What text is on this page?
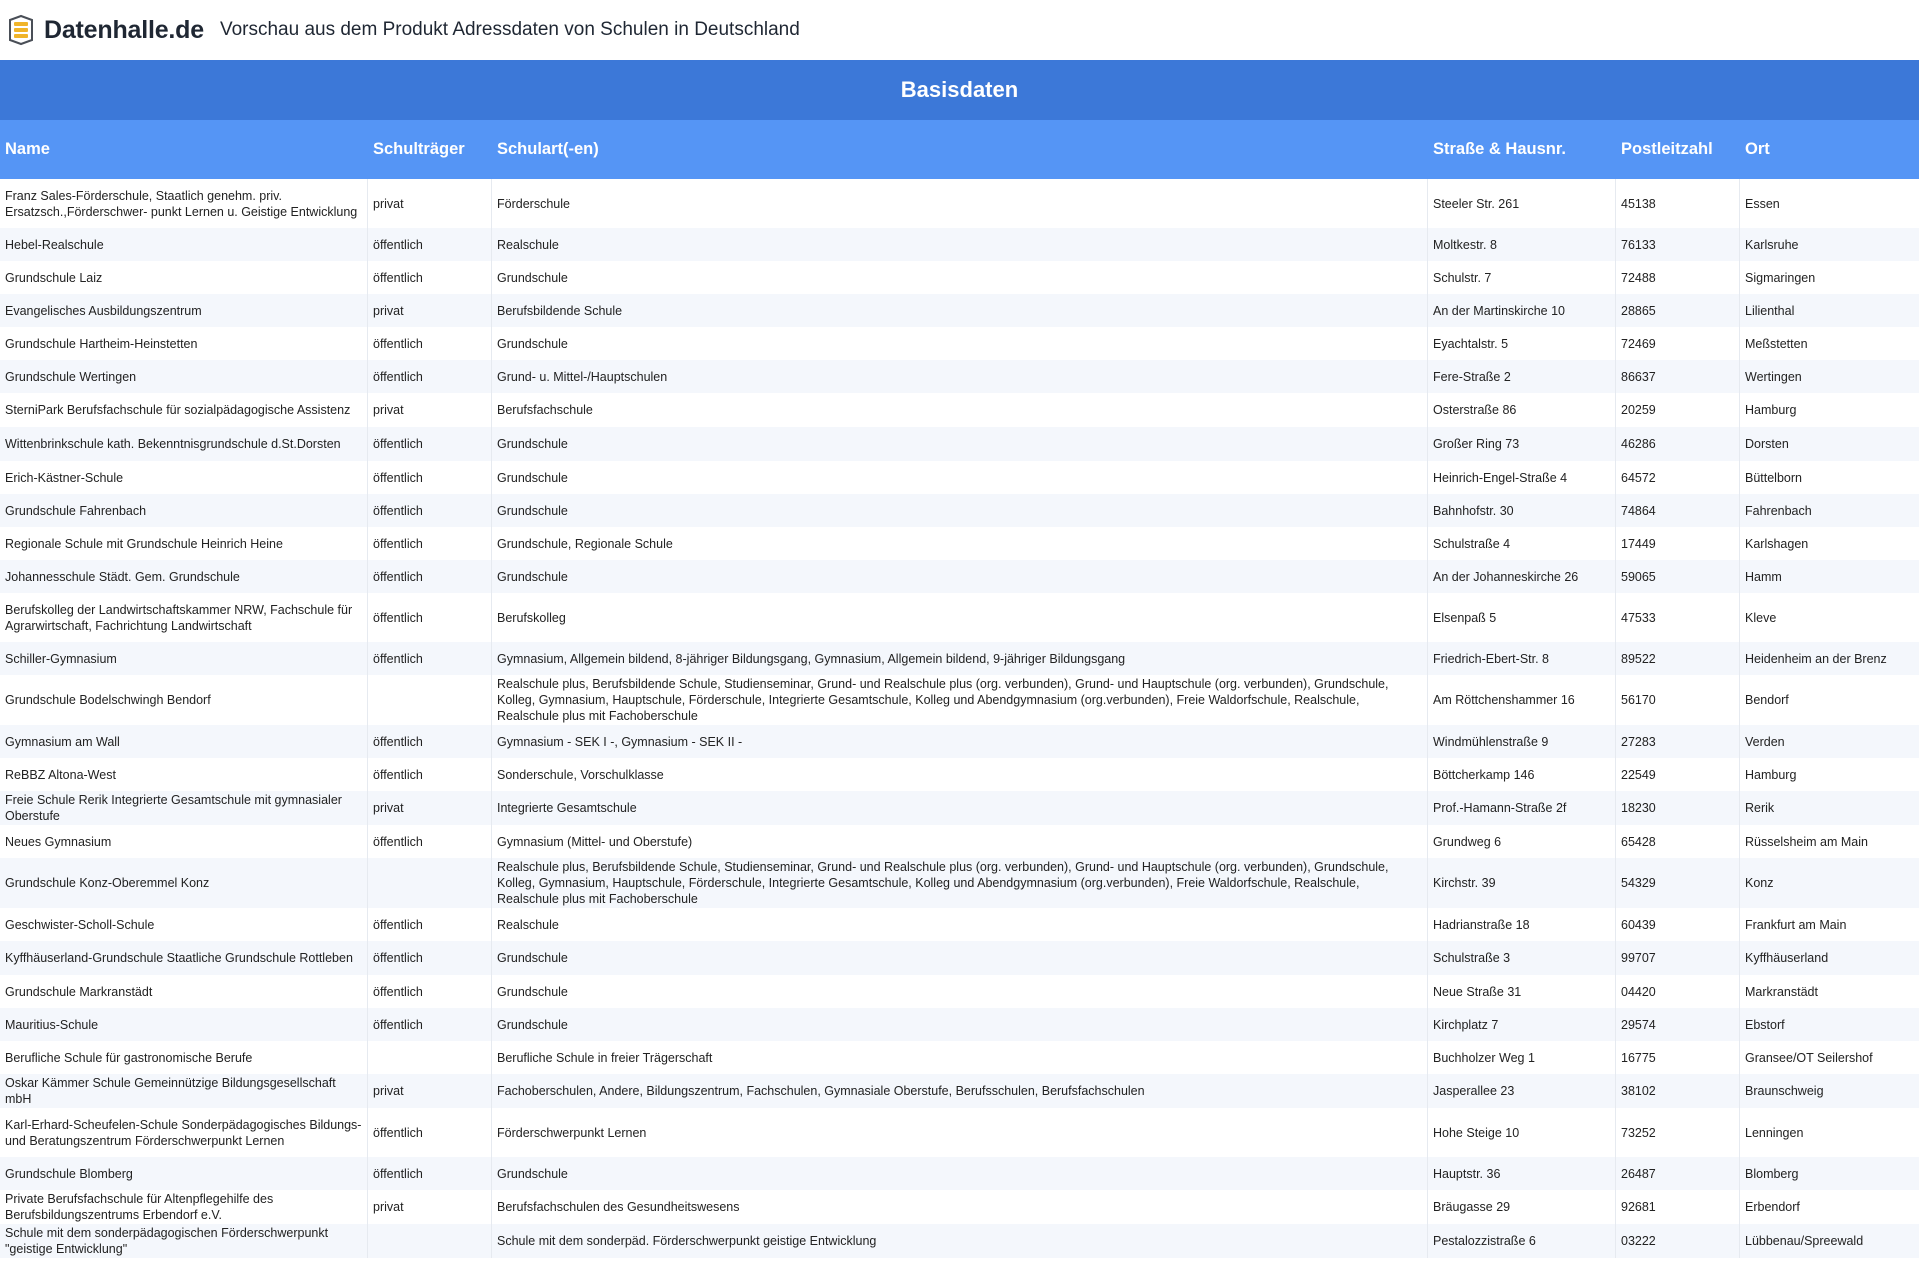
Datenhalle.de Vorschau aus dem Produkt Adressdaten von Schulen in Deutschland
Basisdaten
Name	Schulträger	Schulart(-en)	Straße & Hausnr.	Postleitzahl	Ort
Franz Sales-Förderschule, Staatlich genehm. priv. Ersatzsch.,Förderschwer- punkt Lernen u. Geistige Entwicklung	privat	Förderschule	Steeler Str. 261	45138	Essen
Hebel-Realschule	öffentlich	Realschule	Moltkestr. 8	76133	Karlsruhe
Grundschule Laiz	öffentlich	Grundschule	Schulstr. 7	72488	Sigmaringen
Evangelisches Ausbildungszentrum	privat	Berufsbildende Schule	An der Martinskirche 10	28865	Lilienthal
Grundschule Hartheim-Heinstetten	öffentlich	Grundschule	Eyachtalstr. 5	72469	Meßstetten
Grundschule Wertingen	öffentlich	Grund- u. Mittel-/Hauptschulen	Fere-Straße 2	86637	Wertingen
SterniPark Berufsfachschule für sozialpädagogische Assistenz	privat	Berufsfachschule	Osterstraße 86	20259	Hamburg
Wittenbrinkschule kath. Bekenntnisgrundschule d.St.Dorsten	öffentlich	Grundschule	Großer Ring 73	46286	Dorsten
Erich-Kästner-Schule	öffentlich	Grundschule	Heinrich-Engel-Straße 4	64572	Büttelborn
Grundschule Fahrenbach	öffentlich	Grundschule	Bahnhofstr. 30	74864	Fahrenbach
Regionale Schule mit Grundschule Heinrich Heine	öffentlich	Grundschule, Regionale Schule	Schulstraße 4	17449	Karlshagen
Johannesschule Städt. Gem. Grundschule	öffentlich	Grundschule	An der Johanneskirche 26	59065	Hamm
Berufskolleg der Landwirtschaftskammer NRW, Fachschule für Agrarwirtschaft, Fachrichtung Landwirtschaft	öffentlich	Berufskolleg	Elsenpaß 5	47533	Kleve
Schiller-Gymnasium	öffentlich	Gymnasium, Allgemein bildend, 8-jähriger Bildungsgang, Gymnasium, Allgemein bildend, 9-jähriger Bildungsgang	Friedrich-Ebert-Str. 8	89522	Heidenheim an der Brenz
Grundschule Bodelschwingh Bendorf		Realschule plus, Berufsbildende Schule, Studienseminar, Grund- und Realschule plus (org. verbunden), Grund- und Hauptschule (org. verbunden), Grundschule, Kolleg, Gymnasium, Hauptschule, Förderschule, Integrierte Gesamtschule, Kolleg und Abendgymnasium (org.verbunden), Freie Waldorfschule, Realschule, Realschule plus mit Fachoberschule	Am Röttchenshammer 16	56170	Bendorf
Gymnasium am Wall	öffentlich	Gymnasium - SEK I -, Gymnasium - SEK II -	Windmühlenstraße 9	27283	Verden
ReBBZ Altona-West	öffentlich	Sonderschule, Vorschulklasse	Böttcherkamp 146	22549	Hamburg
Freie Schule Rerik Integrierte Gesamtschule mit gymnasialer Oberstufe	privat	Integrierte Gesamtschule	Prof.-Hamann-Straße 2f	18230	Rerik
Neues Gymnasium	öffentlich	Gymnasium (Mittel- und Oberstufe)	Grundweg 6	65428	Rüsselsheim am Main
Grundschule Konz-Oberemmel Konz		Realschule plus, Berufsbildende Schule, Studienseminar, Grund- und Realschule plus (org. verbunden), Grund- und Hauptschule (org. verbunden), Grundschule, Kolleg, Gymnasium, Hauptschule, Förderschule, Integrierte Gesamtschule, Kolleg und Abendgymnasium (org.verbunden), Freie Waldorfschule, Realschule, Realschule plus mit Fachoberschule	Kirchstr. 39	54329	Konz
Geschwister-Scholl-Schule	öffentlich	Realschule	Hadrianstraße 18	60439	Frankfurt am Main
Kyffhäuserland-Grundschule Staatliche Grundschule Rottleben	öffentlich	Grundschule	Schulstraße 3	99707	Kyffhäuserland
Grundschule Markranstädt	öffentlich	Grundschule	Neue Straße 31	04420	Markranstädt
Mauritius-Schule	öffentlich	Grundschule	Kirchplatz 7	29574	Ebstorf
Berufliche Schule für gastronomische Berufe		Berufliche Schule in freier Trägerschaft	Buchholzer Weg 1	16775	Gransee/OT Seilershof
Oskar Kämmer Schule Gemeinnützige Bildungsgesellschaft mbH	privat	Fachoberschulen, Andere, Bildungszentrum, Fachschulen, Gymnasiale Oberstufe, Berufsschulen, Berufsfachschulen	Jasperallee 23	38102	Braunschweig
Karl-Erhard-Scheufelen-Schule Sonderpädagogisches Bildungs- und Beratungszentrum Förderschwerpunkt Lernen	öffentlich	Förderschwerpunkt Lernen	Hohe Steige 10	73252	Lenningen
Grundschule Blomberg	öffentlich	Grundschule	Hauptstr. 36	26487	Blomberg
Private Berufsfachschule für Altenpflegehilfe des Berufsbildungszentrums Erbendorf e.V.	privat	Berufsfachschulen des Gesundheitswesens	Bräugasse 29	92681	Erbendorf
Schule mit dem sonderpädagogischen Förderschwerpunkt "geistige Entwicklung"		Schule mit dem sonderpäd. Förderschwerpunkt geistige Entwicklung	Pestalozzistraße 6	03222	Lübbenau/Spreewald
